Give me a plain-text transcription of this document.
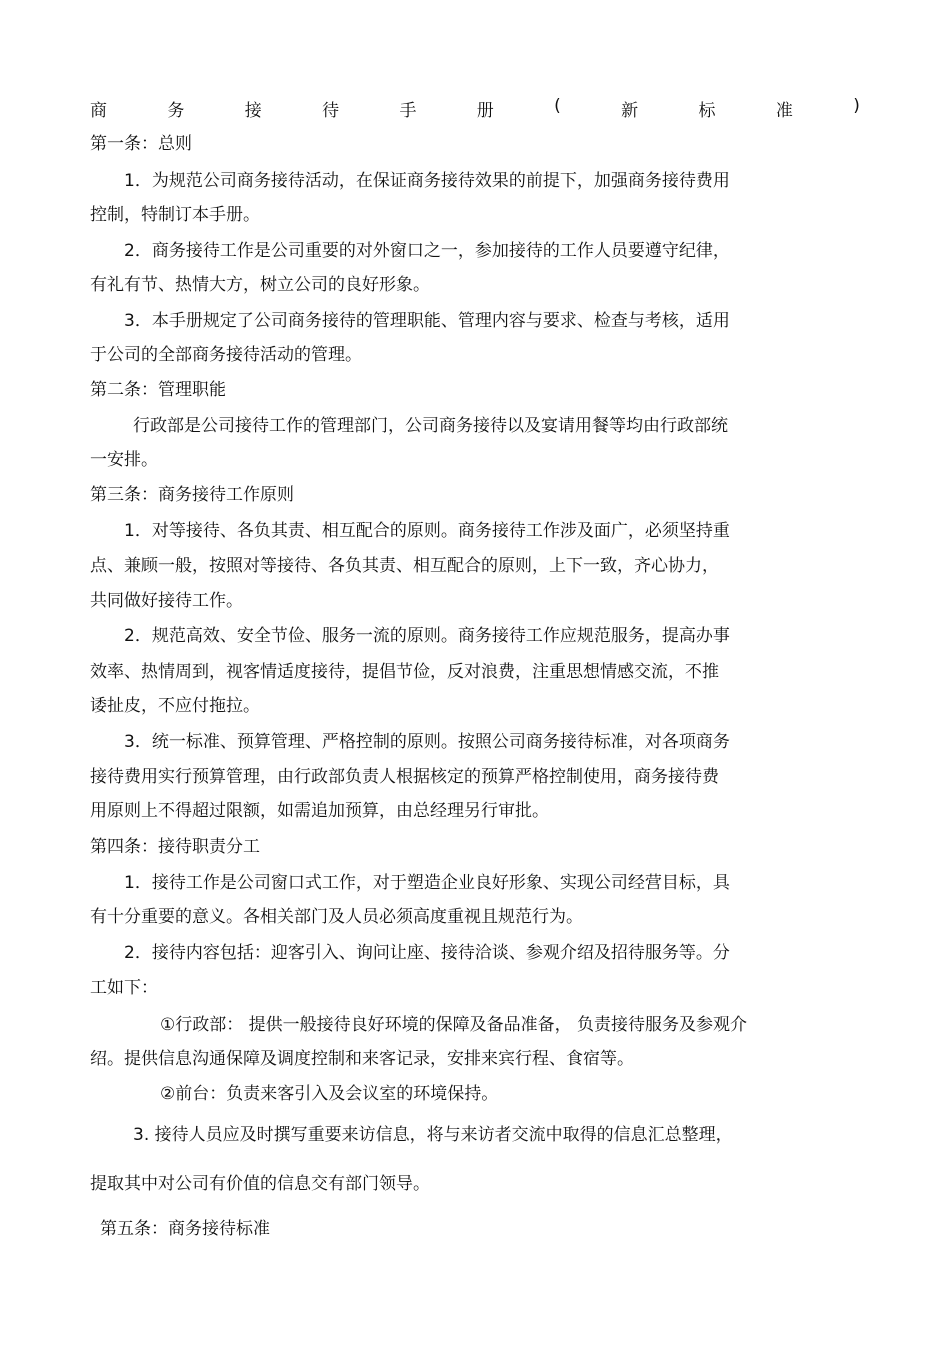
商	务	接	待	手	册	(	新	标	准	)
第一条：总则
1．为规范公司商务接待活动，在保证商务接待效果的前提下，加强商务接待费用
控制，特制订本手册。
2．商务接待工作是公司重要的对外窗口之一，参加接待的工作人员要遵守纪律，
有礼有节、热情大方，树立公司的良好形象。
3．本手册规定了公司商务接待的管理职能、管理内容与要求、检查与考核，适用
于公司的全部商务接待活动的管理。
第二条：管理职能
行政部是公司接待工作的管理部门，公司商务接待以及宴请用餐等均由行政部统
一安排。
第三条：商务接待工作原则
1．对等接待、各负其责、相互配合的原则。商务接待工作涉及面广，必须坚持重
点、兼顾一般，按照对等接待、各负其责、相互配合的原则，上下一致，齐心协力，
共同做好接待工作。
2．规范高效、安全节俭、服务一流的原则。商务接待工作应规范服务，提高办事
效率、热情周到，视客情适度接待，提倡节俭，反对浪费，注重思想情感交流，不推
诿扯皮，不应付拖拉。
3．统一标准、预算管理、严格控制的原则。按照公司商务接待标准，对各项商务
接待费用实行预算管理，由行政部负责人根据核定的预算严格控制使用，商务接待费
用原则上不得超过限额，如需追加预算，由总经理另行审批。
第四条：接待职责分工
1．接待工作是公司窗口式工作，对于塑造企业良好形象、实现公司经营目标，具
有十分重要的意义。各相关部门及人员必须高度重视且规范行为。
2．接待内容包括：迎客引入、询问让座、接待洽谈、参观介绍及招待服务等。分
工如下：
①行政部： 提供一般接待良好环境的保障及备品准备， 负责接待服务及参观介
绍。提供信息沟通保障及调度控制和来客记录，安排来宾行程、食宿等。
②前台：负责来客引入及会议室的环境保持。
3. 接待人员应及时撰写重要来访信息，将与来访者交流中取得的信息汇总整理，
提取其中对公司有价值的信息交有部门领导。
第五条：商务接待标准
